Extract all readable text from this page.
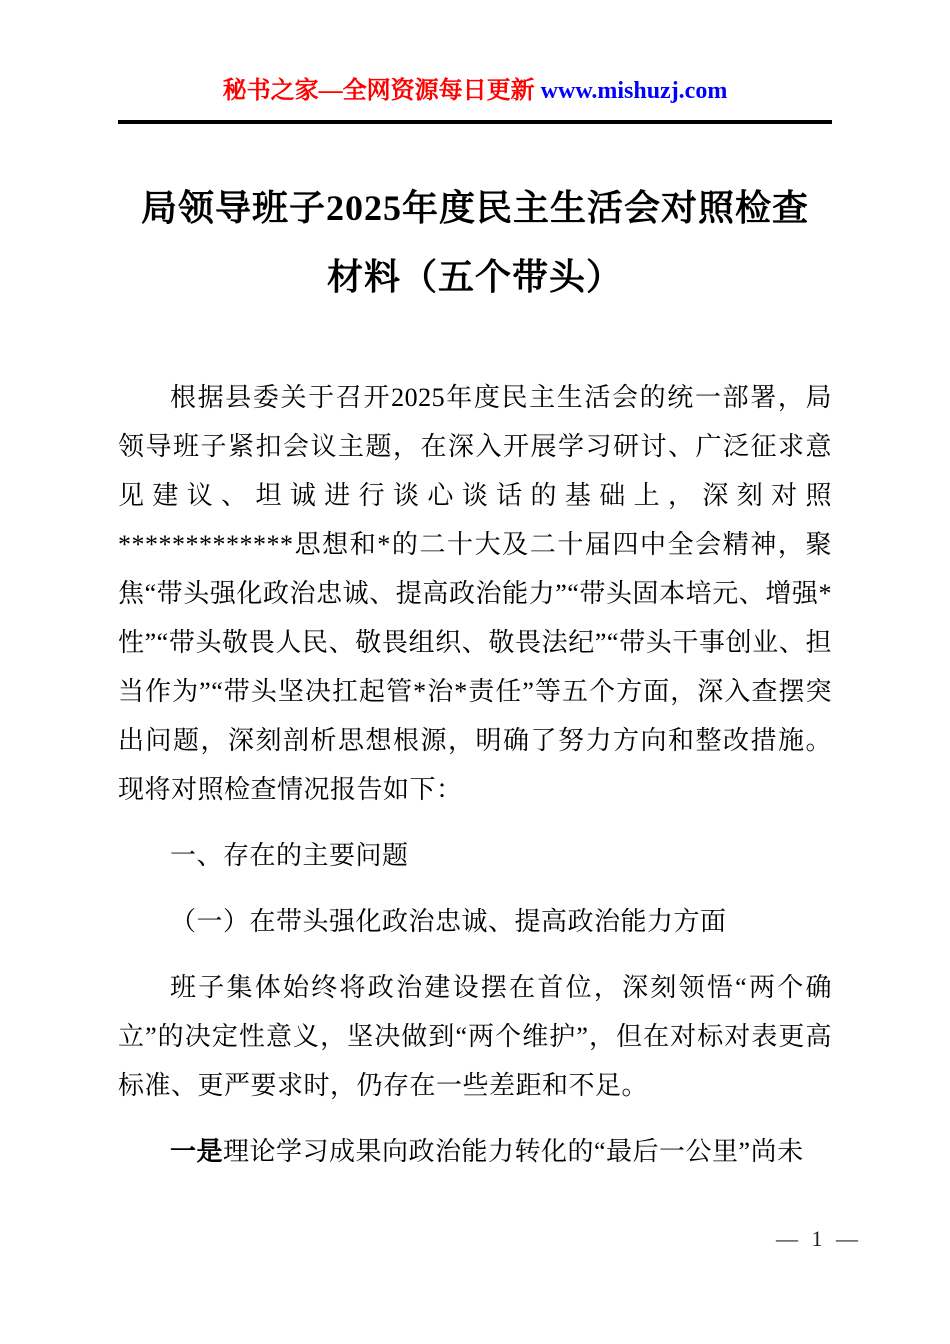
秘书之家—全网资源每日更新 www.mishuzj.com
局领导班子2025年度民主生活会对照检查
材料（五个带头）

根据县委关于召开2025年度民主生活会的统一部署，局领导班子紧扣会议主题，在深入开展学习研讨、广泛征求意见建议、坦诚进行谈心谈话的基础上，深刻对照*************思想和*的二十大及二十届四中全会精神，聚焦“带头强化政治忠诚、提高政治能力”“带头固本培元、增强*性”“带头敬畏人民、敬畏组织、敬畏法纪”“带头干事创业、担当作为”“带头坚决扛起管*治*责任”等五个方面，深入查摆突出问题，深刻剖析思想根源，明确了努力方向和整改措施。现将对照检查情况报告如下：

一、存在的主要问题

（一）在带头强化政治忠诚、提高政治能力方面

班子集体始终将政治建设摆在首位，深刻领悟“两个确立”的决定性意义，坚决做到“两个维护”，但在对标对表更高标准、更严要求时，仍存在一些差距和不足。

一是理论学习成果向政治能力转化的“最后一公里”尚未

— 1 —
